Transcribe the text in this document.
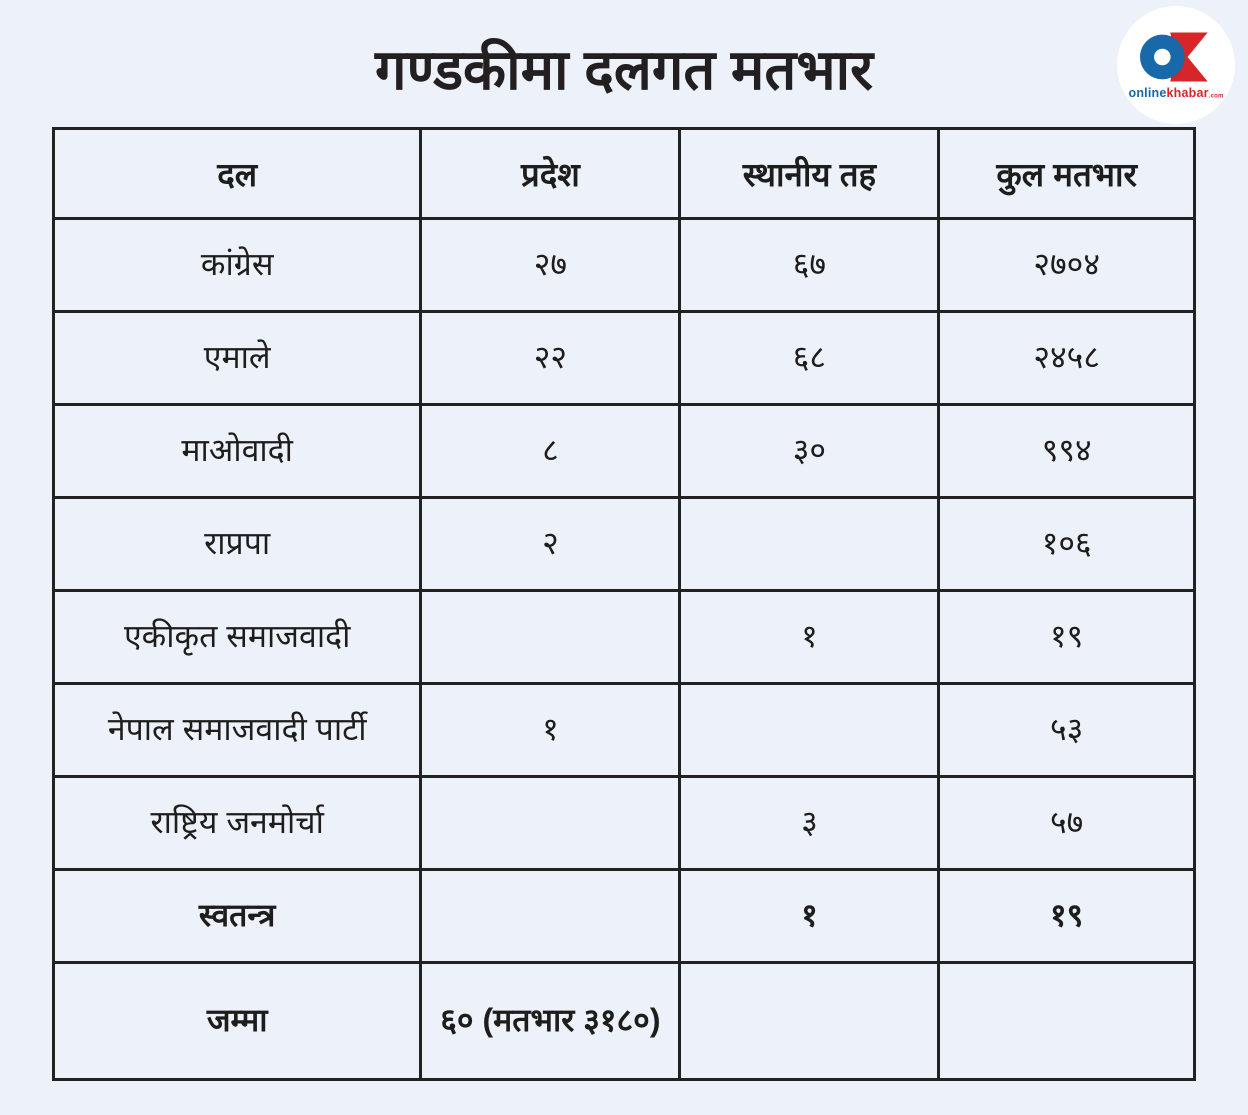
गण्डकीमा दलगत मतभार	onlinekhabar.com
दल	प्रदेश	स्थानीय तह	कुल मतभार
कांग्रेस	२७	६७	२७०४
एमाले	२२	६८	२४५८
माओवादी	८	३०	९९४
राप्रपा	२		१०६
एकीकृत समाजवादी		१	१९
नेपाल समाजवादी पार्टी	१		५३
राष्ट्रिय जनमोर्चा		३	५७
स्वतन्त्र		१	१९
जम्मा	६० (मतभार ३१८०)		
